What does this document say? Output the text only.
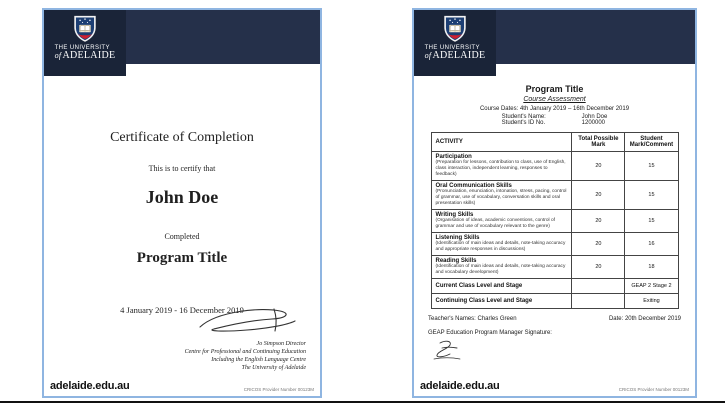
THE UNIVERSITY
ofADELAIDE
Certificate of Completion
This is to certify that
John Doe
Completed
Program Title
4 January 2019 - 16 December 2019
Jo Simpson Director
Centre for Professional and Continuing Education
Including the English Language Centre
The University of Adelaide
adelaide.edu.au	CRICOS Provider Number 00123M
THE UNIVERSITY
ofADELAIDE
Program Title
Course Assessment
Course Dates: 4th January 2019 – 16th December 2019
Student's Name:	John Doe
Student's ID No.	1200000
ACTIVITY	Total Possible Mark	Student Mark/Comment

Participation
(Preparation for lessons, contribution to class, use of English, class interaction, independent learning, responses to feedback)	20	15

Oral Communication Skills
(Pronunciation, enunciation, intonation, stress, pacing, control of grammar, use of vocabulary, conversation skills and oral presentation skills)	20	15

Writing Skills
(Organisation of ideas, academic conventions, control of grammar and use of vocabulary relevant to the genre)	20	15

Listening Skills
(Identification of main ideas and details, note-taking accuracy and appropriate responses in discussions)	20	16

Reading Skills
(Identification of main ideas and details, note-taking accuracy and vocabulary development)	20	18

Current Class Level and Stage		GEAP 2 Stage 2

Continuing Class Level and Stage		Exiting
Teacher's Names: Charles Green	Date: 20th December 2019
GEAP Education Program Manager Signature:
adelaide.edu.au	CRICOS Provider Number 00123M
